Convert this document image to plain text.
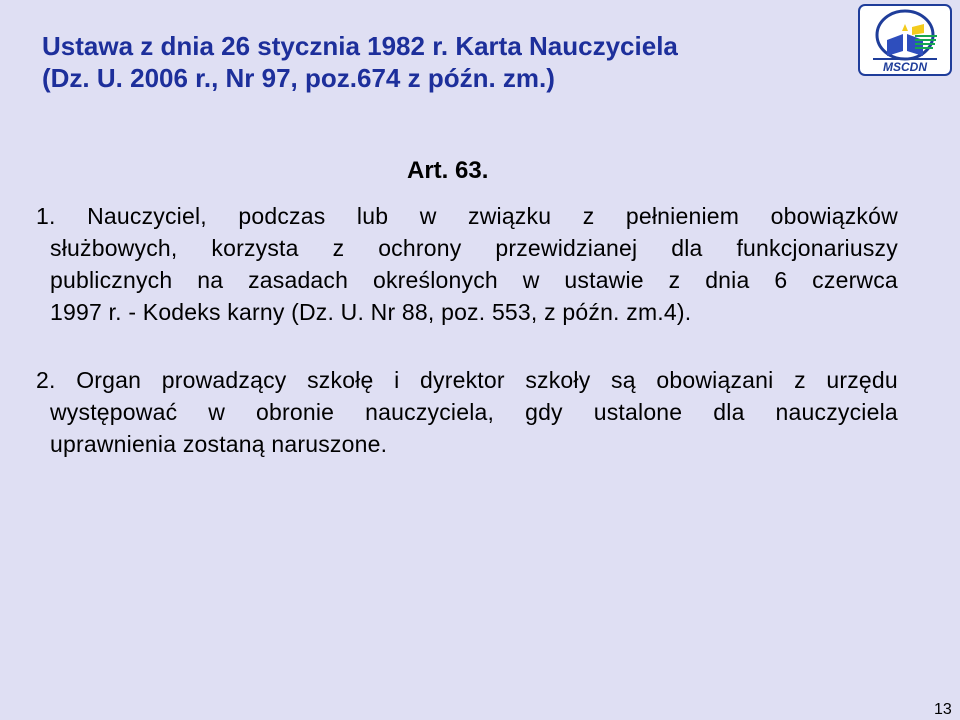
Ustawa z dnia 26 stycznia 1982 r. Karta Nauczyciela
(Dz. U. 2006 r., Nr 97, poz.674 z późn. zm.)	MSCDN
Art. 63.
1. Nauczyciel, podczas lub w związku z pełnieniem obowiązków
służbowych, korzysta z ochrony przewidzianej dla funkcjonariuszy
publicznych na zasadach określonych w ustawie z dnia 6 czerwca
1997 r. - Kodeks karny (Dz. U. Nr 88, poz. 553, z późn. zm.4).
2. Organ prowadzący szkołę i dyrektor szkoły są obowiązani z urzędu
występować w obronie nauczyciela, gdy ustalone dla nauczyciela
uprawnienia zostaną naruszone.
13
